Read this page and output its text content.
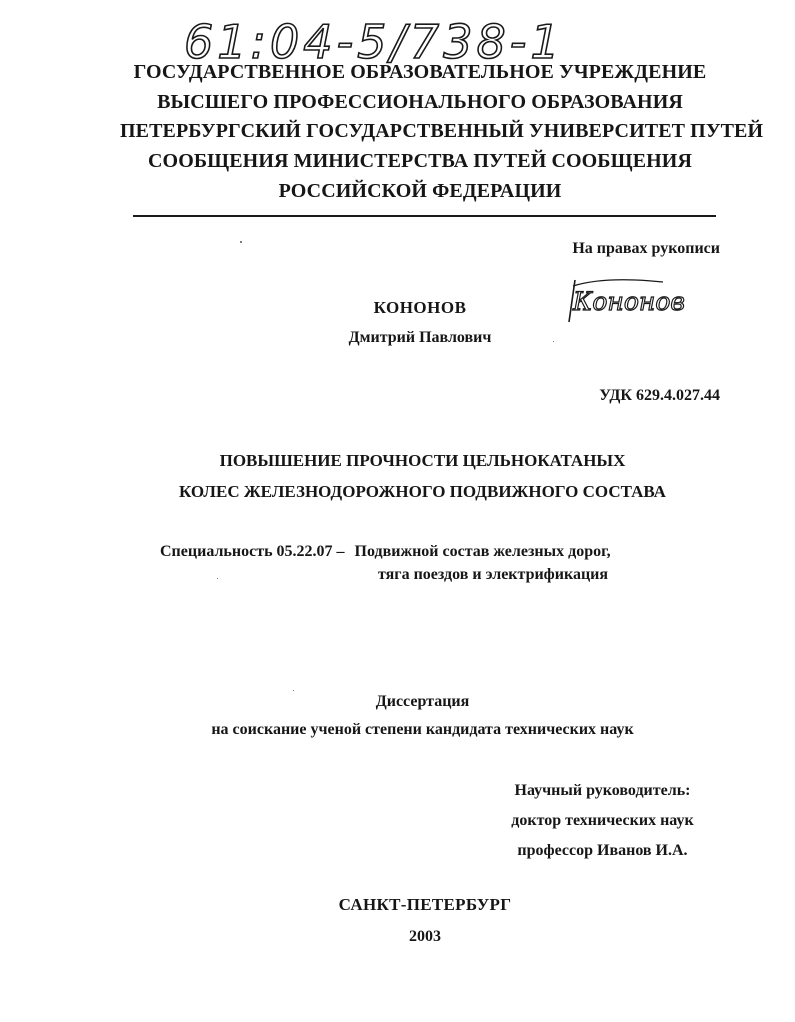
61:04-5/738-1
ГОСУДАРСТВЕННОЕ ОБРАЗОВАТЕЛЬНОЕ УЧРЕЖДЕНИЕ
ВЫСШЕГО ПРОФЕССИОНАЛЬНОГО ОБРАЗОВАНИЯ
ПЕТЕРБУРГСКИЙ ГОСУДАРСТВЕННЫЙ УНИВЕРСИТЕТ ПУТЕЙ
СООБЩЕНИЯ МИНИСТЕРСТВА ПУТЕЙ СООБЩЕНИЯ
РОССИЙСКОЙ ФЕДЕРАЦИИ
На правах рукописи
КОНОНОВ
Дмитрий Павлович
Кононов
УДК 629.4.027.44
ПОВЫШЕНИЕ ПРОЧНОСТИ ЦЕЛЬНОКАТАНЫХ
КОЛЕС ЖЕЛЕЗНОДОРОЖНОГО ПОДВИЖНОГО СОСТАВА
Специальность 05.22.07 – Подвижной состав железных дорог,
тяга поездов и электрификация
Диссертация
на соискание ученой степени кандидата технических наук
Научный руководитель:
доктор технических наук
профессор Иванов И.А.
САНКТ-ПЕТЕРБУРГ
2003
